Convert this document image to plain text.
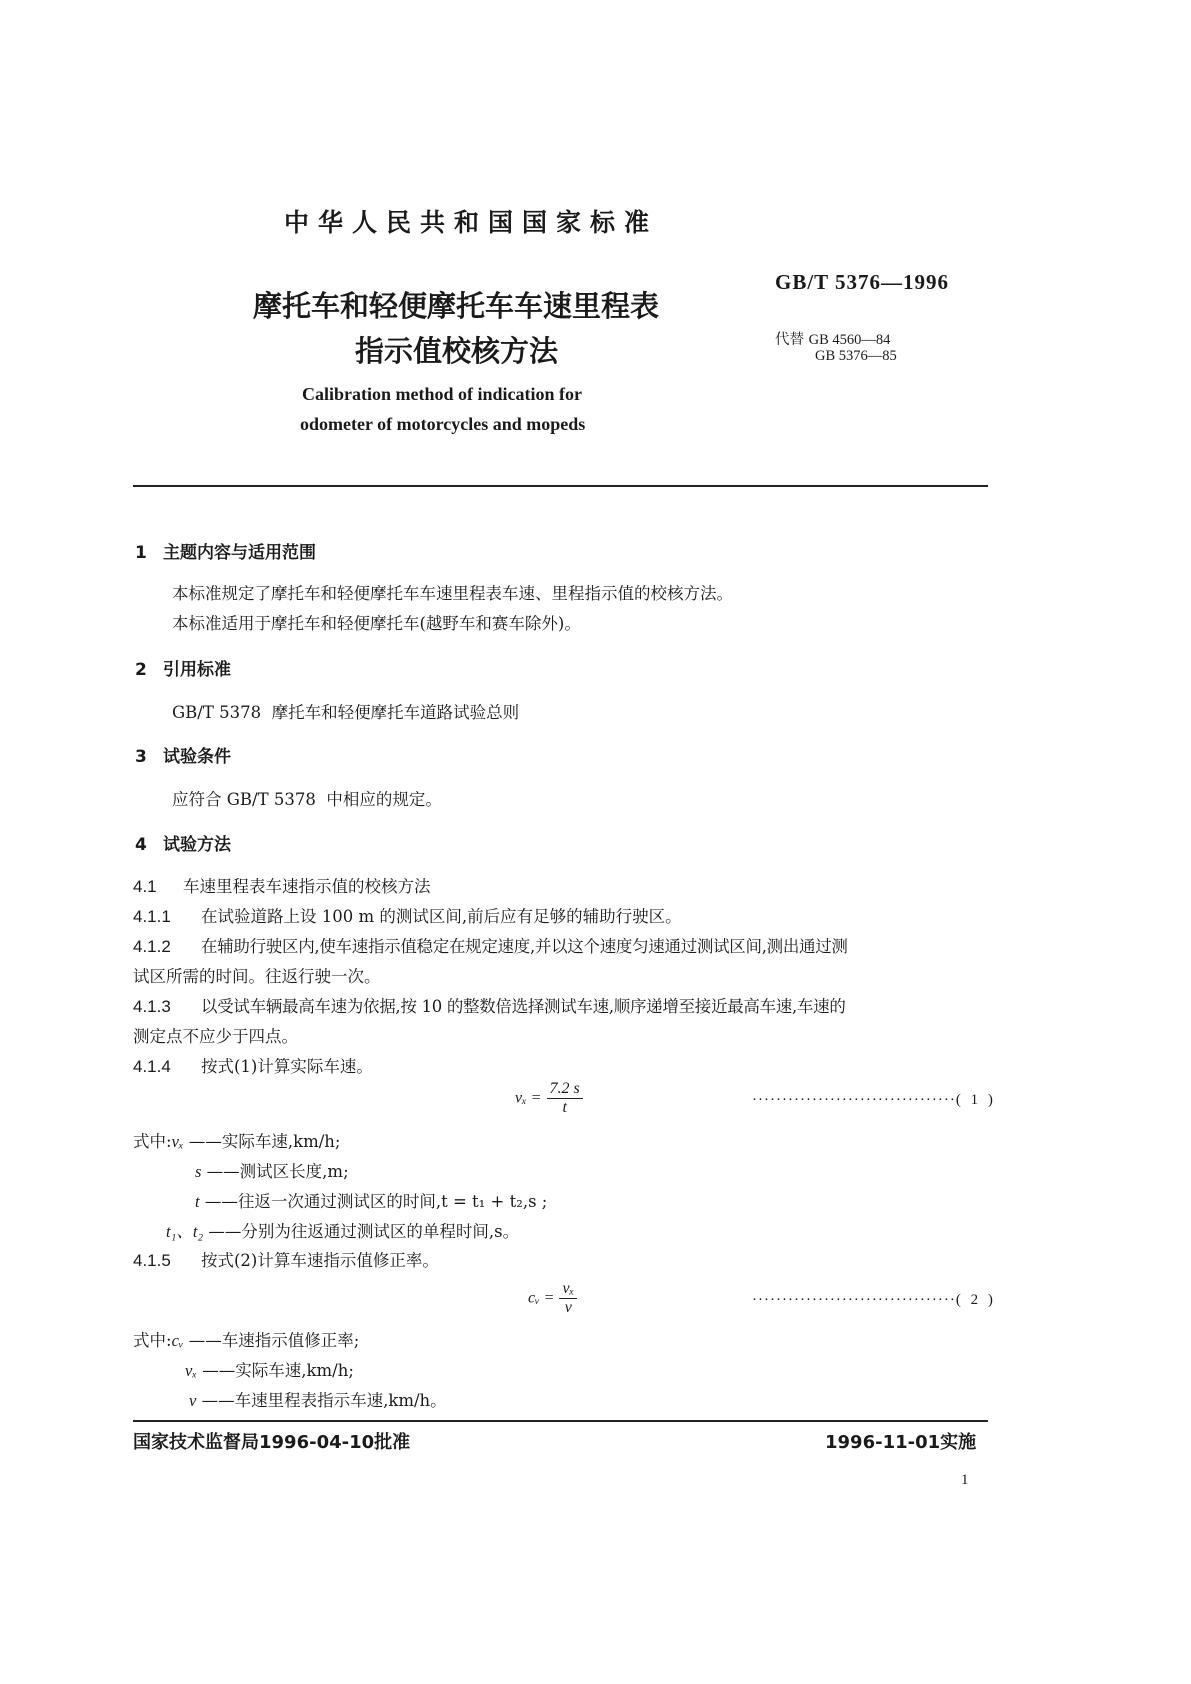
中华人民共和国国家标准
摩托车和轻便摩托车车速里程表
指示值校核方法
GB/T 5376—1996
代替 GB 4560—84
GB 5376—85
Calibration method of indication for
odometer of motorcycles and mopeds
1 主题内容与适用范围
本标准规定了摩托车和轻便摩托车车速里程表车速、里程指示值的校核方法。
本标准适用于摩托车和轻便摩托车(越野车和赛车除外)。
2 引用标准
GB/T 5378  摩托车和轻便摩托车道路试验总则
3 试验条件
应符合 GB/T 5378  中相应的规定。
4 试验方法
4.1 车速里程表车速指示值的校核方法
4.1.1 在试验道路上设 100 m 的测试区间,前后应有足够的辅助行驶区。
4.1.2 在辅助行驶区内,使车速指示值稳定在规定速度,并以这个速度匀速通过测试区间,测出通过测
试区所需的时间。往返行驶一次。
4.1.3 以受试车辆最高车速为依据,按 10 的整数倍选择测试车速,顺序递增至接近最高车速,车速的
测定点不应少于四点。
4.1.4 按式(1)计算实际车速。
$v_x = \frac{7.2 s}{t}$	··································( 1 )
式中:vₓ ——实际车速,km/h;
s ——测试区长度,m;
t ——往返一次通过测试区的时间,t = t₁ + t₂,s ;
t₁、t₂ ——分别为往返通过测试区的单程时间,s。
4.1.5 按式(2)计算车速指示值修正率。
cᵥ = $\frac{\text{vₓ}}{v}$	··································( 2 )
式中:cᵥ ——车速指示值修正率;
vₓ ——实际车速,km/h;
v ——车速里程表指示车速,km/h。
国家技术监督局1996-04-10批准	1996-11-01实施
1
